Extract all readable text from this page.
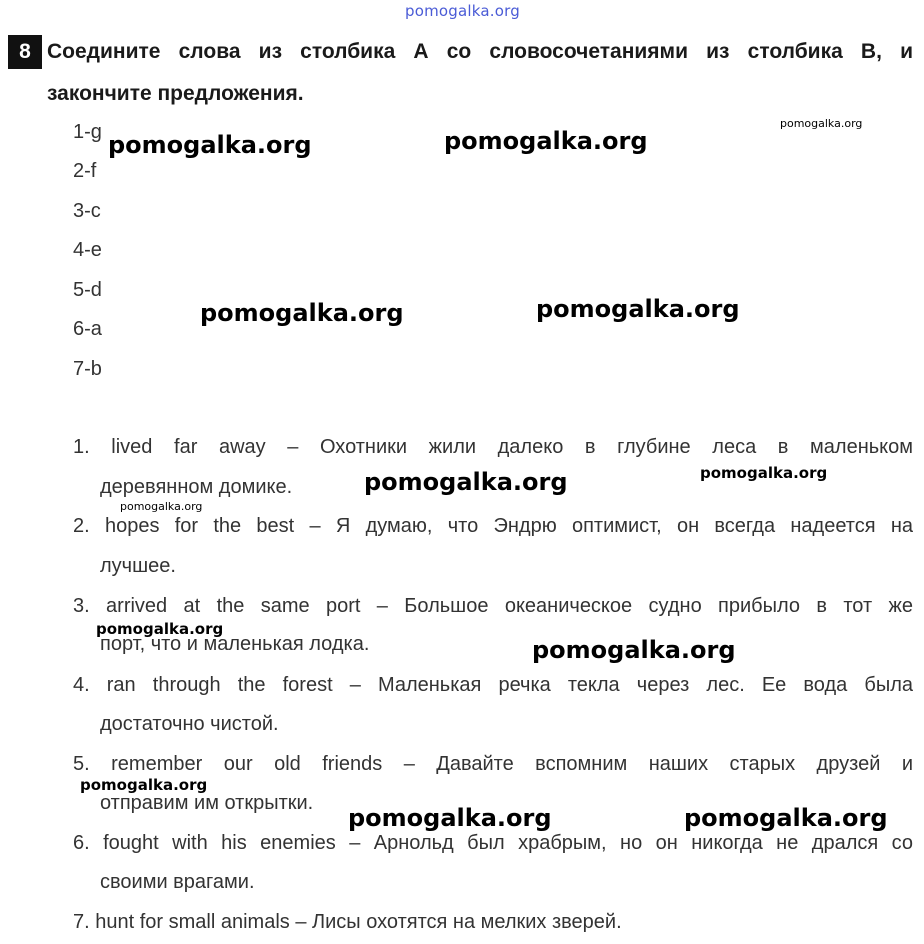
pomogalka.org
8 Соедините слова из столбика А со словосочетаниями из столбика В, и
закончите предложения.
1-g
2-f
3-c
4-e
5-d
6-a
7-b
1. lived far away – Охотники жили далеко в глубине леса в маленьком
деревянном домике.
2. hopes for the best – Я думаю, что Эндрю оптимист, он всегда надеется на
лучшее.
3. arrived at the same port – Большое океаническое судно прибыло в тот же
порт, что и маленькая лодка.
4. ran through the forest – Маленькая речка текла через лес. Ее вода была
достаточно чистой.
5. remember our old friends – Давайте вспомним наших старых друзей и
отправим им открытки.
6. fought with his enemies – Арнольд был храбрым, но он никогда не дрался со
своими врагами.
7. hunt for small animals – Лисы охотятся на мелких зверей.
pomogalka.org	pomogalka.org
pomogalka.org
pomogalka.org	pomogalka.org
pomogalka.org	pomogalka.org
pomogalka.org
pomogalka.org
pomogalka.org
pomogalka.org
pomogalka.org	pomogalka.org
